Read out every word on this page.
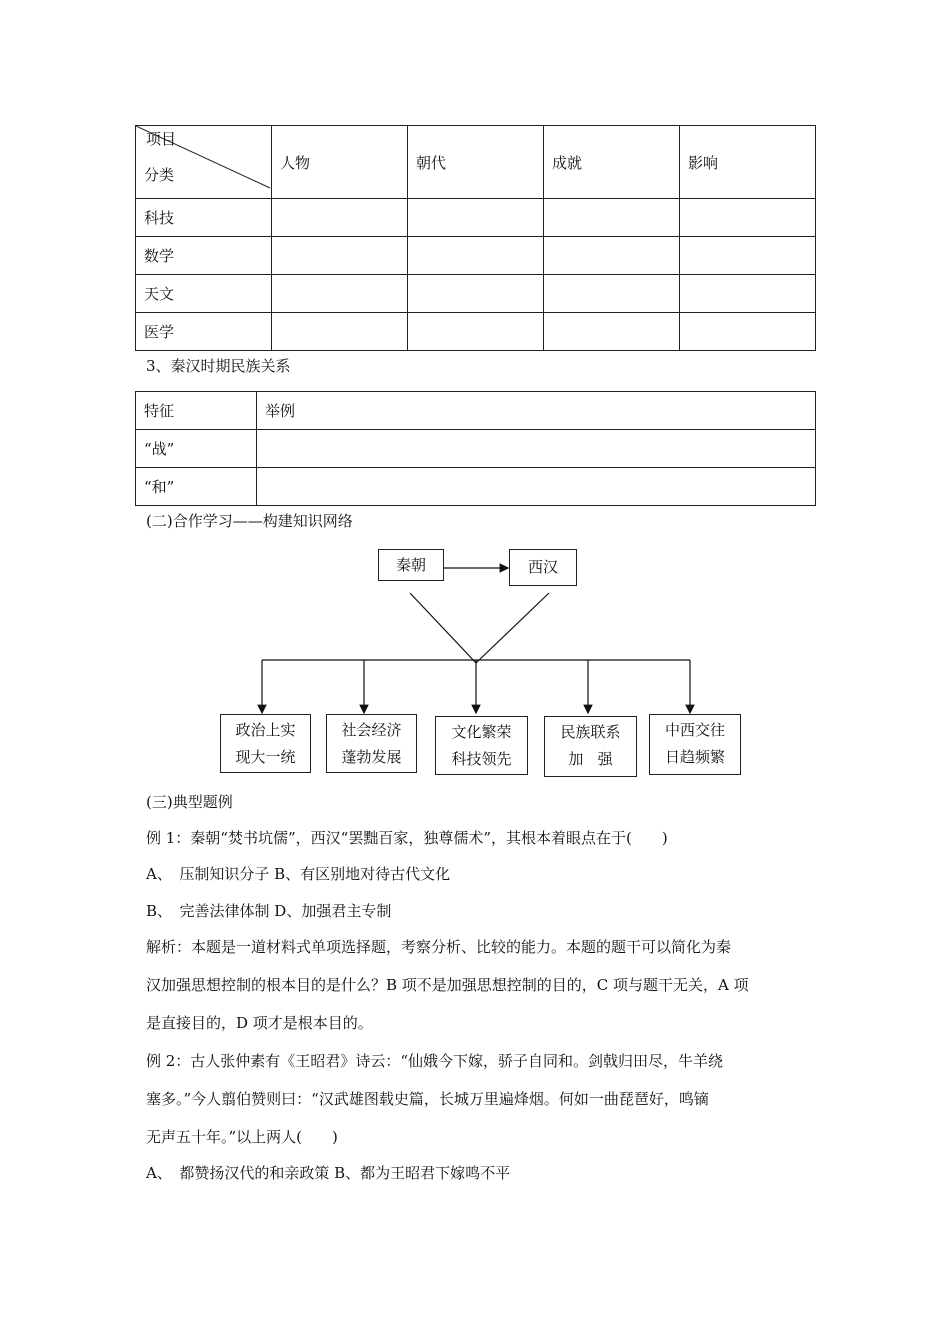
项目
分类	人物	朝代	成就	影响
科技				
数学				
天文				
医学				
3、秦汉时期民族关系
特征	举例
“战”	
“和”	
(二)合作学习——构建知识网络
秦朝	西汉
政治上实
现大一统
社会经济
蓬勃发展
文化繁荣
科技领先
民族联系
加   强
中西交往
日趋频繁
(三)典型题例
例 1：秦朝“焚书坑儒”，西汉“罢黜百家，独尊儒术”，其根本着眼点在于(　　)
A、　压制知识分子 B、有区别地对待古代文化
B、　完善法律体制 D、加强君主专制
解析：本题是一道材料式单项选择题，考察分析、比较的能力。本题的题干可以简化为秦
汉加强思想控制的根本目的是什么？B 项不是加强思想控制的目的，C 项与题干无关，A 项
是直接目的，D 项才是根本目的。
例 2：古人张仲素有《王昭君》诗云：“仙娥今下嫁，骄子自同和。剑戟归田尽，牛羊绕
塞多。”今人翦伯赞则曰：“汉武雄图载史篇，长城万里遍烽烟。何如一曲琵琶好，鸣镝
无声五十年。”以上两人(　　)
A、　都赞扬汉代的和亲政策 B、都为王昭君下嫁鸣不平
